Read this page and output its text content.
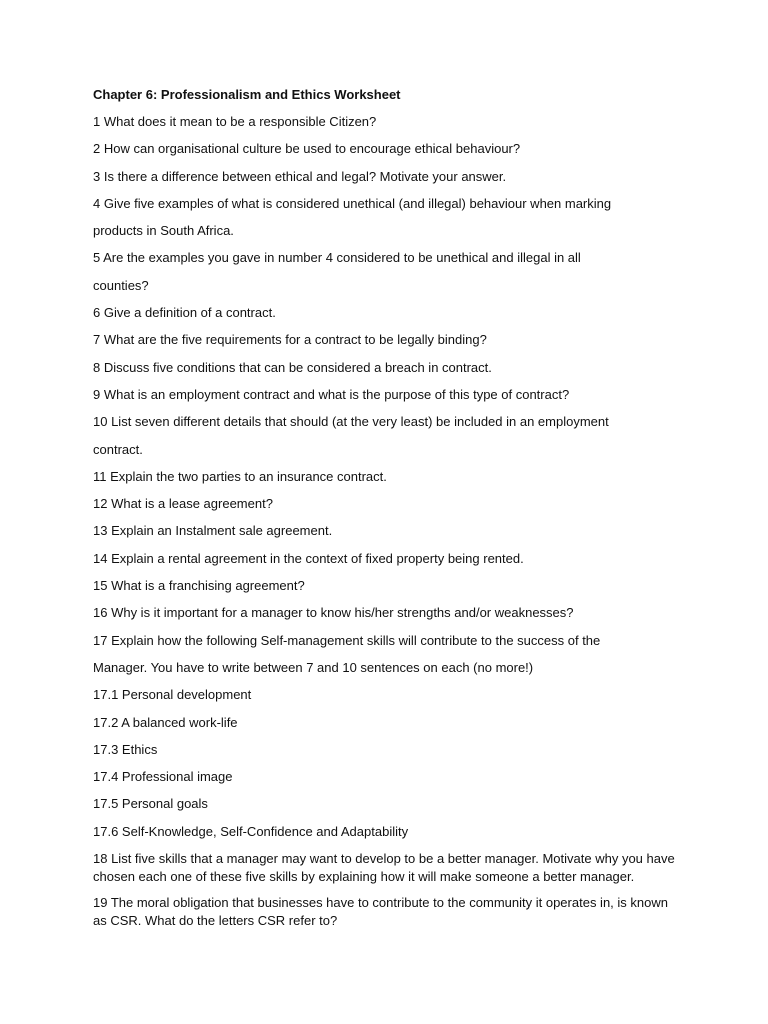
Chapter 6: Professionalism and Ethics Worksheet
1 What does it mean to be a responsible Citizen?
2 How can organisational culture be used to encourage ethical behaviour?
3 Is there a difference between ethical and legal? Motivate your answer.
4 Give five examples of what is considered unethical (and illegal) behaviour when marking
products in South Africa.
5 Are the examples you gave in number 4 considered to be unethical and illegal in all
counties?
6 Give a definition of a contract.
7 What are the five requirements for a contract to be legally binding?
8 Discuss five conditions that can be considered a breach in contract.
9 What is an employment contract and what is the purpose of this type of contract?
10 List seven different details that should (at the very least) be included in an employment
contract.
11 Explain the two parties to an insurance contract.
12 What is a lease agreement?
13 Explain an Instalment sale agreement.
14 Explain a rental agreement in the context of fixed property being rented.
15 What is a franchising agreement?
16 Why is it important for a manager to know his/her strengths and/or weaknesses?
17 Explain how the following Self-management skills will contribute to the success of the
Manager. You have to write between 7 and 10 sentences on each (no more!)
17.1 Personal development
17.2 A balanced work-life
17.3 Ethics
17.4 Professional image
17.5 Personal goals
17.6 Self-Knowledge, Self-Confidence and Adaptability
18 List five skills that a manager may want to develop to be a better manager. Motivate why you have chosen each one of these five skills by explaining how it will make someone a better manager.
19 The moral obligation that businesses have to contribute to the community it operates in, is known as CSR. What do the letters CSR refer to?
